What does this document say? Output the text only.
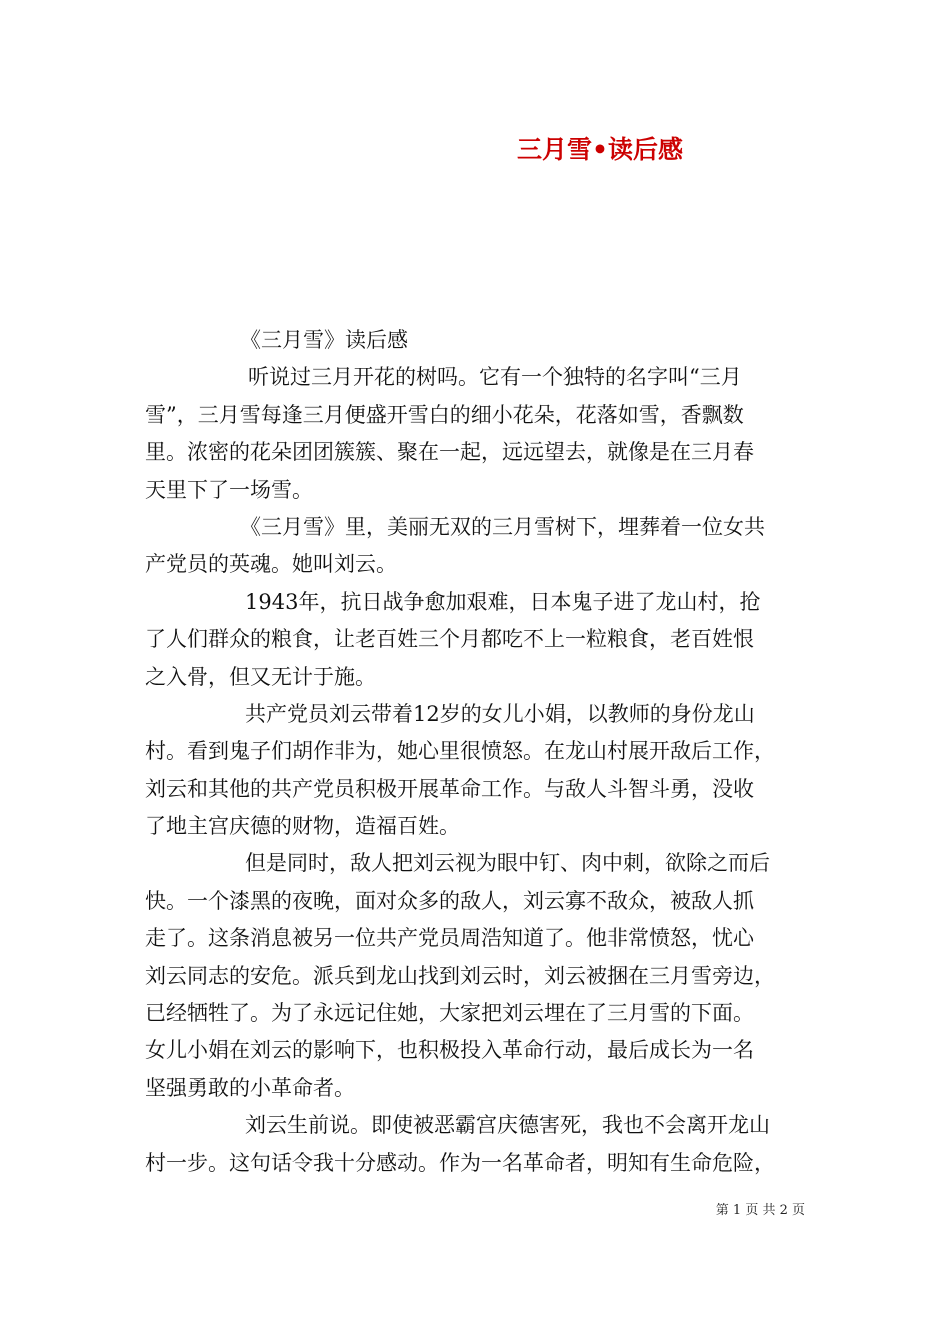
三月雪•读后感
《三月雪》读后感
听说过三月开花的树吗。它有一个独特的名字叫“三月
雪”，三月雪每逢三月便盛开雪白的细小花朵，花落如雪，香飘数
里。浓密的花朵团团簇簇、聚在一起，远远望去，就像是在三月春
天里下了一场雪。
《三月雪》里，美丽无双的三月雪树下，埋葬着一位女共
产党员的英魂。她叫刘云。
1943年，抗日战争愈加艰难，日本鬼子进了龙山村，抢
了人们群众的粮食，让老百姓三个月都吃不上一粒粮食，老百姓恨
之入骨，但又无计于施。
共产党员刘云带着12岁的女儿小娟，以教师的身份龙山
村。看到鬼子们胡作非为，她心里很愤怒。在龙山村展开敌后工作，
刘云和其他的共产党员积极开展革命工作。与敌人斗智斗勇，没收
了地主宫庆德的财物，造福百姓。
但是同时，敌人把刘云视为眼中钉、肉中刺，欲除之而后
快。一个漆黑的夜晚，面对众多的敌人，刘云寡不敌众，被敌人抓
走了。这条消息被另一位共产党员周浩知道了。他非常愤怒，忧心
刘云同志的安危。派兵到龙山找到刘云时，刘云被捆在三月雪旁边，
已经牺牲了。为了永远记住她，大家把刘云埋在了三月雪的下面。
女儿小娟在刘云的影响下，也积极投入革命行动，最后成长为一名
坚强勇敢的小革命者。
刘云生前说。即使被恶霸宫庆德害死，我也不会离开龙山
村一步。这句话令我十分感动。作为一名革命者，明知有生命危险，
第 1 页 共 2 页
